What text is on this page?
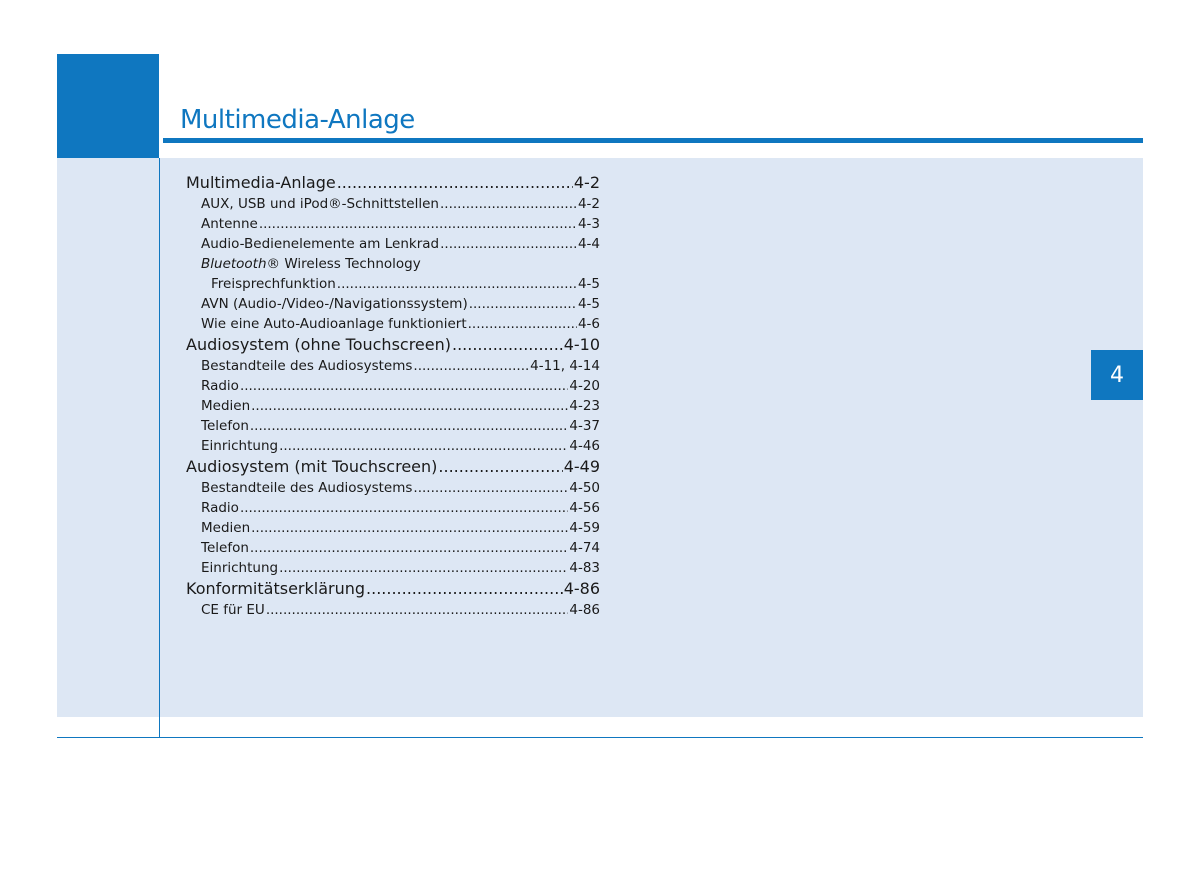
Multimedia-Anlage
4
Multimedia-Anlage .....	4-2
AUX, USB und iPod®-Schnittstellen .....	4-2
Antenne .....	4-3
Audio-Bedienelemente am Lenkrad .....	4-4
Bluetooth® Wireless Technology
Freisprechfunktion .....	4-5
AVN (Audio-/Video-/Navigationssystem) .....	4-5
Wie eine Auto-Audioanlage funktioniert .....	4-6
Audiosystem (ohne Touchscreen) .....	4-10
Bestandteile des Audiosystems .....	4-11, 4-14
Radio .....	4-20
Medien .....	4-23
Telefon .....	4-37
Einrichtung .....	4-46
Audiosystem (mit Touchscreen) .....	4-49
Bestandteile des Audiosystems .....	4-50
Radio .....	4-56
Medien .....	4-59
Telefon .....	4-74
Einrichtung .....	4-83
Konformitätserklärung .....	4-86
CE für EU .....	4-86
